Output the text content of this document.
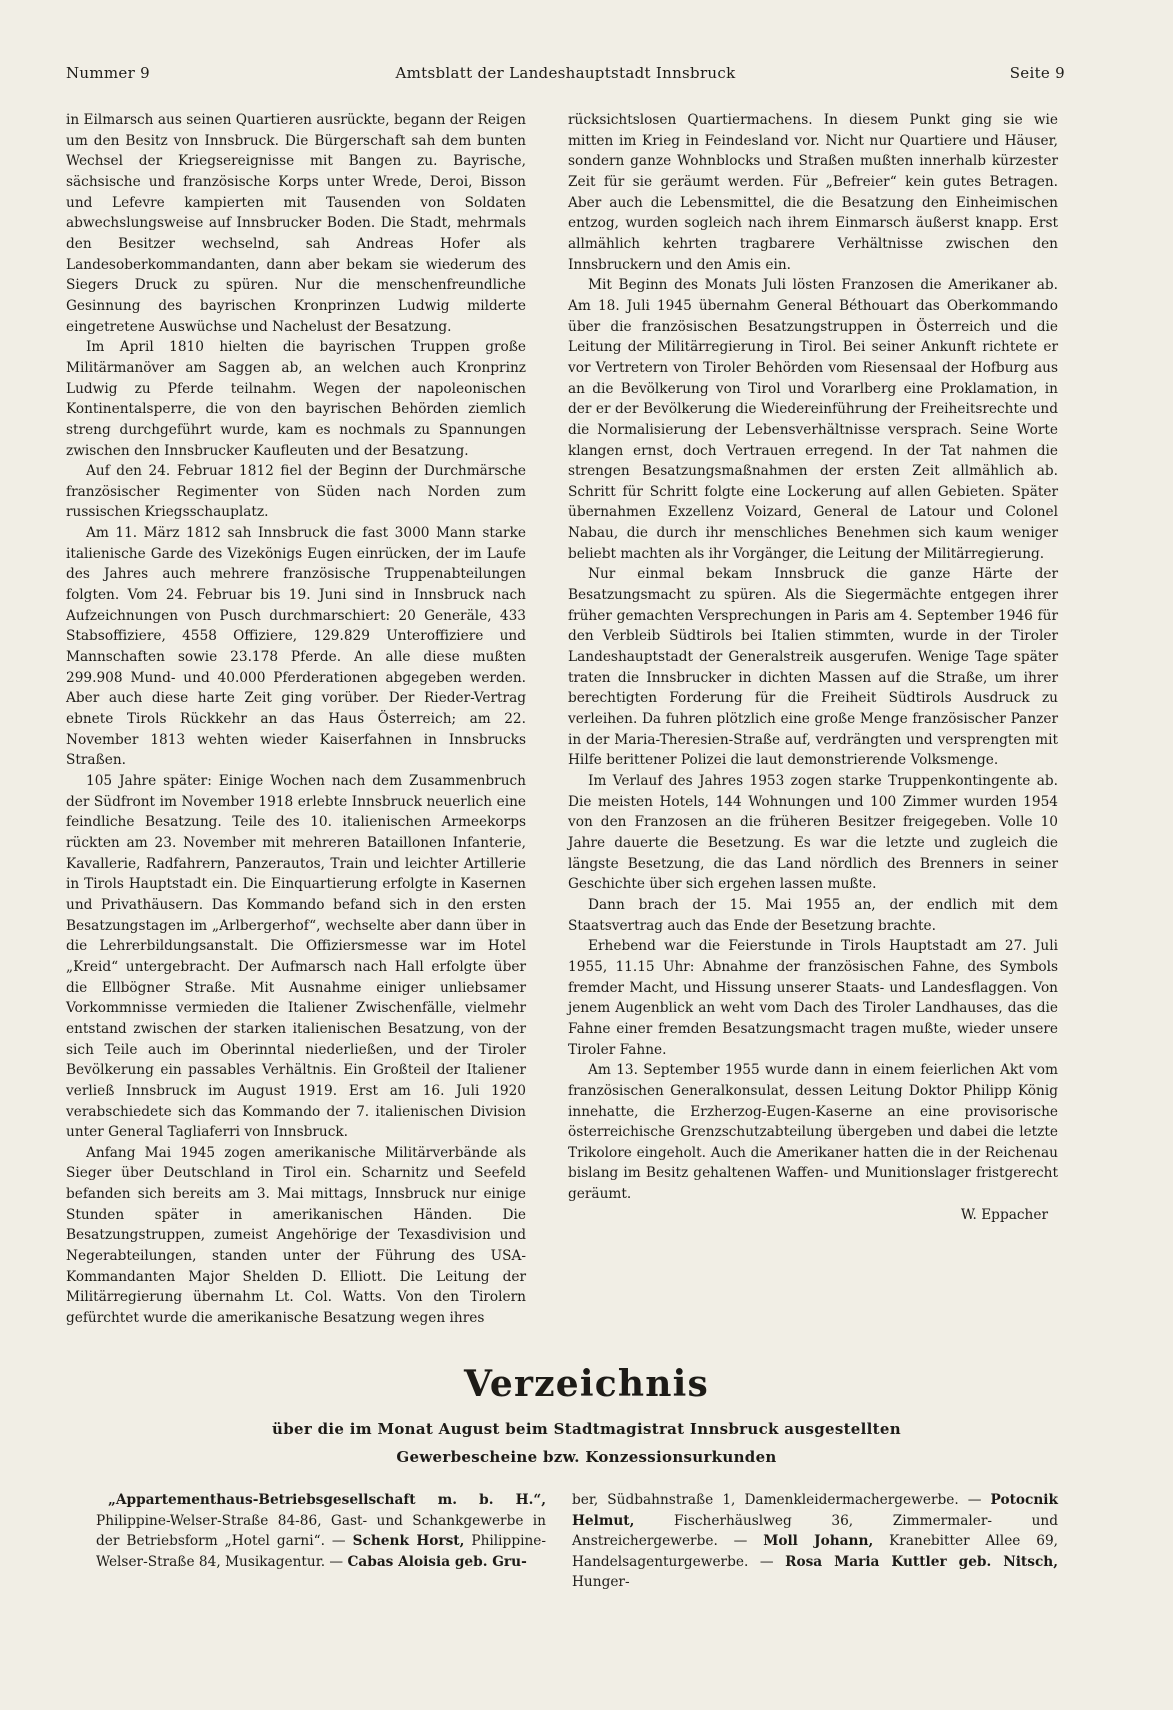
Nummer 9	Amtsblatt der Landeshauptstadt Innsbruck	Seite 9

in Eilmarsch aus seinen Quartieren ausrückte, begann der Reigen um den Besitz von Innsbruck. Die Bürgerschaft sah dem bunten Wechsel der Kriegsereignisse mit Bangen zu. Bayrische, sächsische und französische Korps unter Wrede, Deroi, Bisson und Lefevre kampierten mit Tausenden von Soldaten abwechslungsweise auf Innsbrucker Boden. Die Stadt, mehrmals den Besitzer wechselnd, sah Andreas Hofer als Landesoberkommandanten, dann aber bekam sie wiederum des Siegers Druck zu spüren. Nur die menschenfreundliche Gesinnung des bayrischen Kronprinzen Ludwig milderte eingetretene Auswüchse und Nachelust der Besatzung.

Im April 1810 hielten die bayrischen Truppen große Militärmanöver am Saggen ab, an welchen auch Kronprinz Ludwig zu Pferde teilnahm. Wegen der napoleonischen Kontinentalsperre, die von den bayrischen Behörden ziemlich streng durchgeführt wurde, kam es nochmals zu Spannungen zwischen den Innsbrucker Kaufleuten und der Besatzung.

Auf den 24. Februar 1812 fiel der Beginn der Durchmärsche französischer Regimenter von Süden nach Norden zum russischen Kriegsschauplatz.

Am 11. März 1812 sah Innsbruck die fast 3000 Mann starke italienische Garde des Vizekönigs Eugen einrücken, der im Laufe des Jahres auch mehrere französische Truppenabteilungen folgten. Vom 24. Februar bis 19. Juni sind in Innsbruck nach Aufzeichnungen von Pusch durchmarschiert: 20 Generäle, 433 Stabsoffiziere, 4558 Offiziere, 129.829 Unteroffiziere und Mannschaften sowie 23.178 Pferde. An alle diese mußten 299.908 Mund- und 40.000 Pferderationen abgegeben werden. Aber auch diese harte Zeit ging vorüber. Der Rieder-Vertrag ebnete Tirols Rückkehr an das Haus Österreich; am 22. November 1813 wehten wieder Kaiserfahnen in Innsbrucks Straßen.

105 Jahre später: Einige Wochen nach dem Zusammenbruch der Südfront im November 1918 erlebte Innsbruck neuerlich eine feindliche Besatzung. Teile des 10. italienischen Armeekorps rückten am 23. November mit mehreren Bataillonen Infanterie, Kavallerie, Radfahrern, Panzerautos, Train und leichter Artillerie in Tirols Hauptstadt ein. Die Einquartierung erfolgte in Kasernen und Privathäusern. Das Kommando befand sich in den ersten Besatzungstagen im „Arlbergerhof“, wechselte aber dann über in die Lehrerbildungsanstalt. Die Offiziersmesse war im Hotel „Kreid“ untergebracht. Der Aufmarsch nach Hall erfolgte über die Ellbögner Straße. Mit Ausnahme einiger unliebsamer Vorkommnisse vermieden die Italiener Zwischenfälle, vielmehr entstand zwischen der starken italienischen Besatzung, von der sich Teile auch im Oberinntal niederließen, und der Tiroler Bevölkerung ein passables Verhältnis. Ein Großteil der Italiener verließ Innsbruck im August 1919. Erst am 16. Juli 1920 verabschiedete sich das Kommando der 7. italienischen Division unter General Tagliaferri von Innsbruck.

Anfang Mai 1945 zogen amerikanische Militärverbände als Sieger über Deutschland in Tirol ein. Scharnitz und Seefeld befanden sich bereits am 3. Mai mittags, Innsbruck nur einige Stunden später in amerikanischen Händen. Die Besatzungstruppen, zumeist Angehörige der Texasdivision und Negerabteilungen, standen unter der Führung des USA-Kommandanten Major Shelden D. Elliott. Die Leitung der Militärregierung übernahm Lt. Col. Watts. Von den Tirolern gefürchtet wurde die amerikanische Besatzung wegen ihres

rücksichtslosen Quartiermachens. In diesem Punkt ging sie wie mitten im Krieg in Feindesland vor. Nicht nur Quartiere und Häuser, sondern ganze Wohnblocks und Straßen mußten innerhalb kürzester Zeit für sie geräumt werden. Für „Befreier“ kein gutes Betragen. Aber auch die Lebensmittel, die die Besatzung den Einheimischen entzog, wurden sogleich nach ihrem Einmarsch äußerst knapp. Erst allmählich kehrten tragbarere Verhältnisse zwischen den Innsbruckern und den Amis ein.

Mit Beginn des Monats Juli lösten Franzosen die Amerikaner ab. Am 18. Juli 1945 übernahm General Béthouart das Oberkommando über die französischen Besatzungstruppen in Österreich und die Leitung der Militärregierung in Tirol. Bei seiner Ankunft richtete er vor Vertretern von Tiroler Behörden vom Riesensaal der Hofburg aus an die Bevölkerung von Tirol und Vorarlberg eine Proklamation, in der er der Bevölkerung die Wiedereinführung der Freiheitsrechte und die Normalisierung der Lebensverhältnisse versprach. Seine Worte klangen ernst, doch Vertrauen erregend. In der Tat nahmen die strengen Besatzungsmaßnahmen der ersten Zeit allmählich ab. Schritt für Schritt folgte eine Lockerung auf allen Gebieten. Später übernahmen Exzellenz Voizard, General de Latour und Colonel Nabau, die durch ihr menschliches Benehmen sich kaum weniger beliebt machten als ihr Vorgänger, die Leitung der Militärregierung.

Nur einmal bekam Innsbruck die ganze Härte der Besatzungsmacht zu spüren. Als die Siegermächte entgegen ihrer früher gemachten Versprechungen in Paris am 4. September 1946 für den Verbleib Südtirols bei Italien stimmten, wurde in der Tiroler Landeshauptstadt der Generalstreik ausgerufen. Wenige Tage später traten die Innsbrucker in dichten Massen auf die Straße, um ihrer berechtigten Forderung für die Freiheit Südtirols Ausdruck zu verleihen. Da fuhren plötzlich eine große Menge französischer Panzer in der Maria-Theresien-Straße auf, verdrängten und versprengten mit Hilfe berittener Polizei die laut demonstrierende Volksmenge.

Im Verlauf des Jahres 1953 zogen starke Truppenkontingente ab. Die meisten Hotels, 144 Wohnungen und 100 Zimmer wurden 1954 von den Franzosen an die früheren Besitzer freigegeben. Volle 10 Jahre dauerte die Besetzung. Es war die letzte und zugleich die längste Besetzung, die das Land nördlich des Brenners in seiner Geschichte über sich ergehen lassen mußte.

Dann brach der 15. Mai 1955 an, der endlich mit dem Staatsvertrag auch das Ende der Besetzung brachte.

Erhebend war die Feierstunde in Tirols Hauptstadt am 27. Juli 1955, 11.15 Uhr: Abnahme der französischen Fahne, des Symbols fremder Macht, und Hissung unserer Staats- und Landesflaggen. Von jenem Augenblick an weht vom Dach des Tiroler Landhauses, das die Fahne einer fremden Besatzungsmacht tragen mußte, wieder unsere Tiroler Fahne.

Am 13. September 1955 wurde dann in einem feierlichen Akt vom französischen Generalkonsulat, dessen Leitung Doktor Philipp König innehatte, die Erzherzog-Eugen-Kaserne an eine provisorische österreichische Grenzschutzabteilung übergeben und dabei die letzte Trikolore eingeholt. Auch die Amerikaner hatten die in der Reichenau bislang im Besitz gehaltenen Waffen- und Munitionslager fristgerecht geräumt.

W. Eppacher
Verzeichnis
über die im Monat August beim Stadtmagistrat Innsbruck ausgestellten
Gewerbescheine bzw. Konzessionsurkunden

„Appartementhaus-Betriebsgesellschaft m. b. H.“, Philippine-Welser-Straße 84-86, Gast- und Schankgewerbe in der Betriebsform „Hotel garni“. — Schenk Horst, Philippine-Welser-Straße 84, Musikagentur. — Cabas Aloisia geb. Gru-

ber, Südbahnstraße 1, Damenkleidermachergewerbe. — Potocnik Helmut, Fischerhäuslweg 36, Zimmermaler- und Anstreichergewerbe. — Moll Johann, Kranebitter Allee 69, Handelsagenturgewerbe. — Rosa Maria Kuttler geb. Nitsch, Hunger-
